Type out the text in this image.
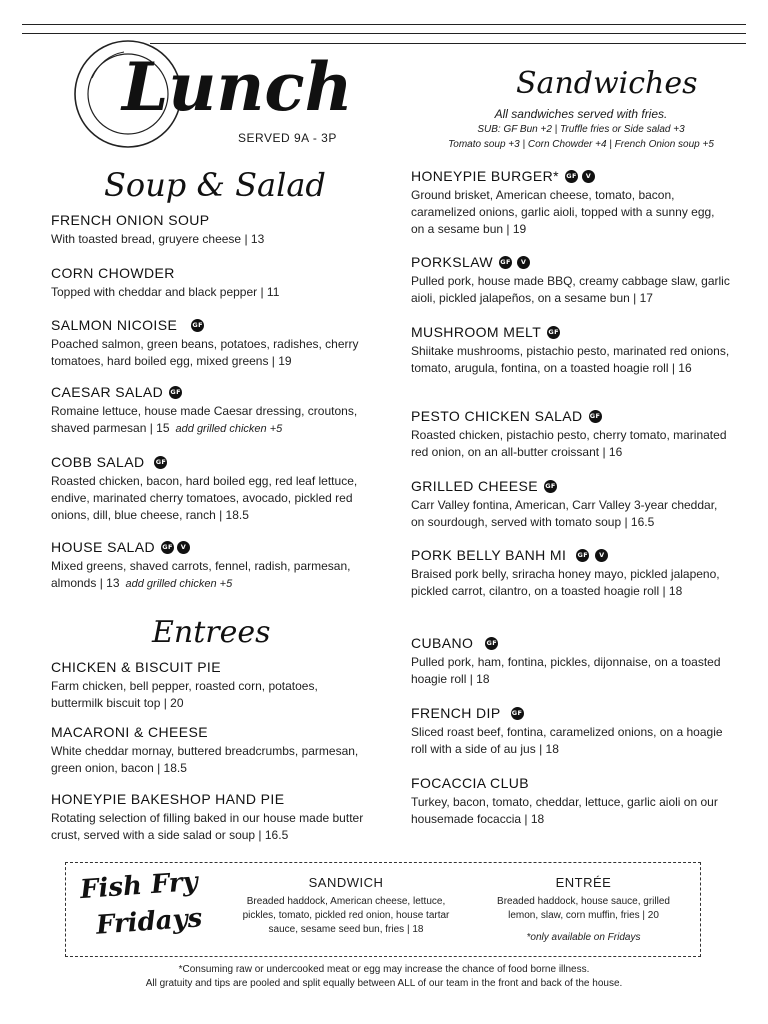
Lunch
SERVED 9A - 3P
Soup & Salad
FRENCH ONION SOUP
With toasted bread, gruyere cheese | 13
CORN CHOWDER
Topped with cheddar and black pepper | 11
SALMON NICOISE GF
Poached salmon, green beans, potatoes, radishes, cherry tomatoes, hard boiled egg, mixed greens | 19
CAESAR SALAD GF
Romaine lettuce, house made Caesar dressing, croutons, shaved parmesan | 15 add grilled chicken +5
COBB SALAD GF
Roasted chicken, bacon, hard boiled egg, red leaf lettuce, endive, marinated cherry tomatoes, avocado, pickled red onions, dill, blue cheese, ranch | 18.5
HOUSE SALAD GF	V
Mixed greens, shaved carrots, fennel, radish, parmesan, almonds | 13 add grilled chicken +5
Entrees
CHICKEN & BISCUIT PIE
Farm chicken, bell pepper, roasted corn, potatoes, buttermilk biscuit top | 20
MACARONI & CHEESE
White cheddar mornay, buttered breadcrumbs, parmesan, green onion, bacon | 18.5
HONEYPIE BAKESHOP HAND PIE
Rotating selection of filling baked in our house made butter crust, served with a side salad or soup | 16.5
Sandwiches
All sandwiches served with fries.
SUB: GF Bun +2 | Truffle fries or Side salad +3
Tomato soup +3 | Corn Chowder +4 | French Onion soup +5
HONEYPIE BURGER* GF	V
Ground brisket, American cheese, tomato, bacon, caramelized onions, garlic aioli, topped with a sunny egg, on a sesame bun | 19
PORKSLAW GF	V
Pulled pork, house made BBQ, creamy cabbage slaw, garlic aioli, pickled jalapeños, on a sesame bun | 17
MUSHROOM MELT GF
Shiitake mushrooms, pistachio pesto, marinated red onions, tomato, arugula, fontina, on a toasted hoagie roll | 16
PESTO CHICKEN SALAD GF
Roasted chicken, pistachio pesto, cherry tomato, marinated red onion, on an all-butter croissant | 16
GRILLED CHEESE GF
Carr Valley fontina, American, Carr Valley 3-year cheddar, on sourdough, served with tomato soup | 16.5
PORK BELLY BANH MI GF	V
Braised pork belly, sriracha honey mayo, pickled jalapeno, pickled carrot, cilantro, on a toasted hoagie roll | 18
CUBANO GF
Pulled pork, ham, fontina, pickles, dijonnaise, on a toasted hoagie roll | 18
FRENCH DIP GF
Sliced roast beef, fontina, caramelized onions, on a hoagie roll with a side of au jus | 18
FOCACCIA CLUB
Turkey, bacon, tomato, cheddar, lettuce, garlic aioli on our housemade focaccia | 18
Fish Fry
Fridays
SANDWICH
Breaded haddock, American cheese, lettuce, pickles, tomato, pickled red onion, house tartar sauce, sesame seed bun, fries | 18
ENTRÉE
Breaded haddock, house sauce, grilled lemon, slaw, corn muffin, fries | 20
*only available on Fridays
*Consuming raw or undercooked meat or egg may increase the chance of food borne illness.
All gratuity and tips are pooled and split equally between ALL of our team in the front and back of the house.
